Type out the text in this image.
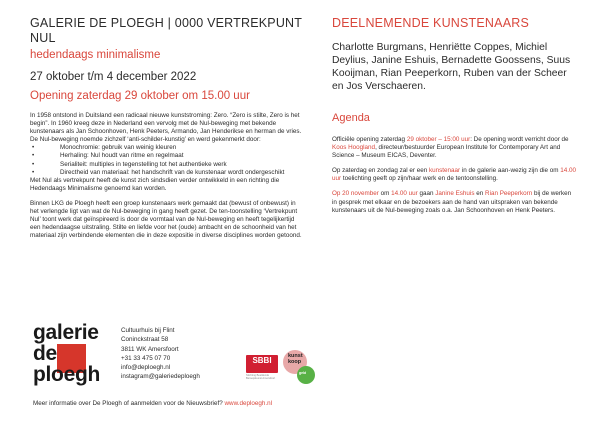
GALERIE DE PLOEGH | 0000 VERTREKPUNT NUL

hedendaags minimalisme

27 oktober t/m 4 december 2022

Opening zaterdag 29 oktober om 15.00 uur

In 1958 ontstond in Duitsland een radicaal nieuwe kunststroming: Zero. “Zero is stilte, Zero is het begin”. In 1960 kreeg deze in Nederland een vervolg met de Nul-beweging met bekende kunstenaars als Jan Schoonhoven, Henk Peeters, Armando, Jan Henderikse en herman de vries. De Nul-beweging noemde zichzelf ‘anti-schilder-kunstig’ en werd gekenmerkt door:

•	Monochromie: gebruik van weinig kleuren
•	Herhaling: Nul houdt van ritme en regelmaat
•	Serialiteit: multiples in tegenstelling tot het authentieke werk
•	Directheid van materiaal: het handschrift van de kunstenaar wordt ondergeschikt

Met Nul als vertrekpunt heeft de kunst zich sindsdien verder ontwikkeld in een richting die Hedendaags Minimalisme genoemd kan worden.

Binnen LKG de Ploegh heeft een groep kunstenaars werk gemaakt dat (bewust of onbewust) in het verlengde ligt van wat de Nul-beweging in gang heeft gezet. De ten-toonstelling ‘Vertrekpunt Nul’ toont werk dat geïnspireerd is door de vormtaal van de Nul-beweging en heeft tegelijkertijd een hedendaagse uitstraling. Stilte en liefde voor het (oude) ambacht en de schoonheid van het materiaal zijn verbindende elementen die in deze expositie in diverse disciplines worden getoond.

DEELNEMENDE KUNSTENAARS

Charlotte Burgmans, Henriëtte Coppes, Michiel Deylius, Janine Eshuis, Bernadette Goossens, Suus Kooijman, Rian Peeperkorn, Ruben van der Scheer en Jos Verschaeren.

Agenda

Officiële opening zaterdag 29 oktober – 15:00 uur: De opening wordt verricht door de Koos Hoogland, directeur/bestuurder European Institute for Contemporary Art and Science – Museum EICAS, Deventer.

Op zaterdag en zondag zal er een kunstenaar in de galerie aan-wezig zijn die om 14.00 uur toelichting geeft op zijn/haar werk en de tentoonstelling.

Op 20 november om 14.00 uur gaan Janine Eshuis en Rian Peeperkorn bij de werken in gesprek met elkaar en de bezoekers aan de hand van uitspraken van bekende kunstenaars uit de Nul-beweging zoals o.a. Jan Schoonhoven en Henk Peeters.

galerie
de
ploegh
Cultuurhuis bij Flint
Coninckstraat 58
3811 WK Amersfoort
+31 33 475 07 70
info@deploegh.nl
instagram@galeriedeploegh
SBBI
Stichting Beeldende Beroepskunst Amersfoort
kunst koop
geld
Meer informatie over De Ploegh of aanmelden voor de Nieuwsbrief? www.deploegh.nl
